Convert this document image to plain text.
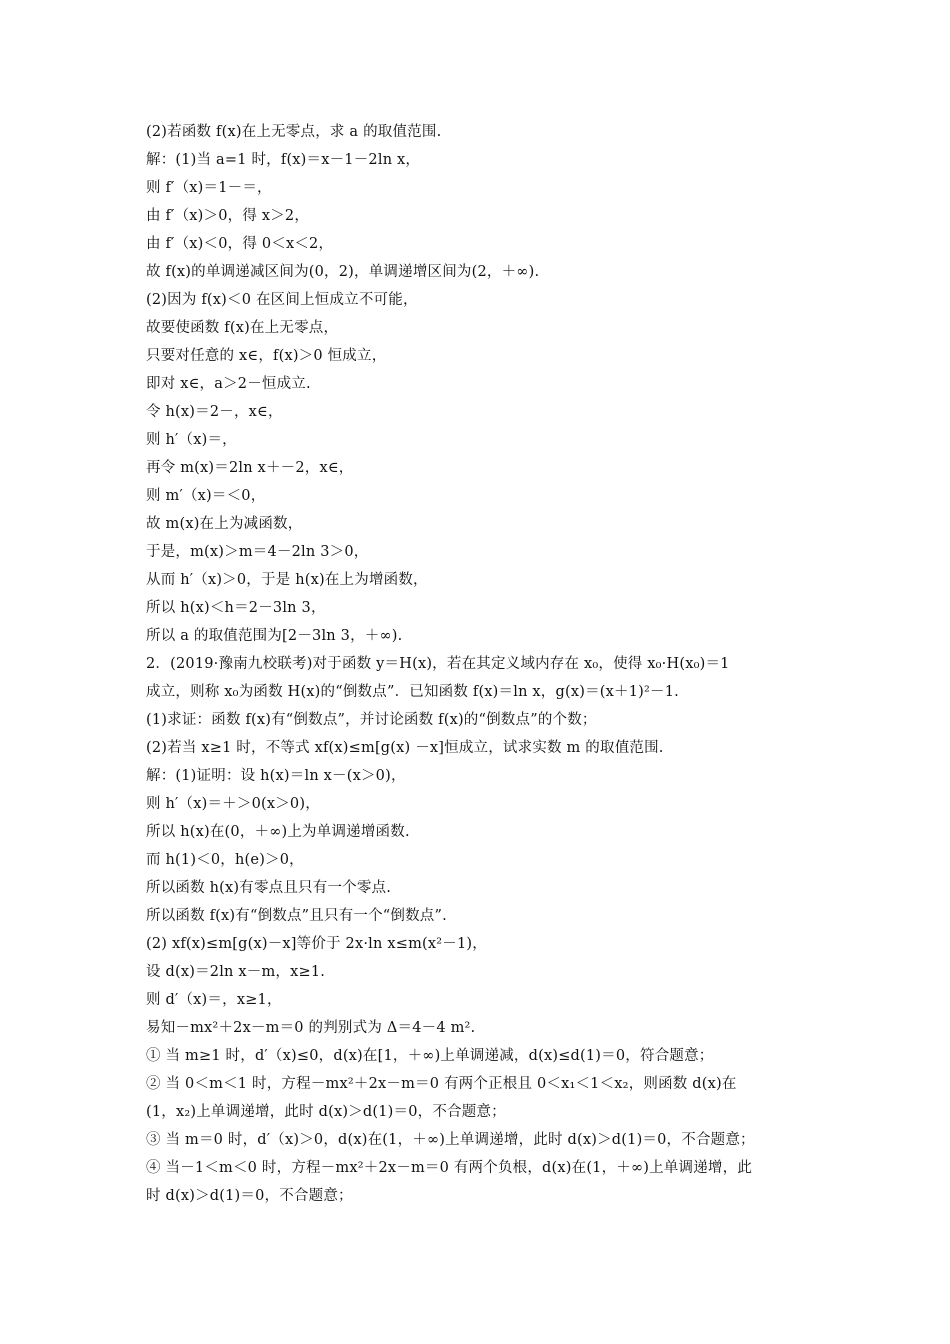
(2)若函数 f(x)在上无零点，求 a 的取值范围.
解：(1)当 a=1 时，f(x)＝x－1－2ln x，
则 f′（x)＝1－＝，
由 f′（x)＞0，得 x＞2，
由 f′（x)＜0，得 0＜x＜2，
故 f(x)的单调递减区间为(0，2)，单调递增区间为(2，＋∞).
(2)因为 f(x)＜0 在区间上恒成立不可能，
故要使函数 f(x)在上无零点，
只要对任意的 x∈，f(x)＞0 恒成立，
即对 x∈，a＞2－恒成立.
令 h(x)＝2－，x∈，
则 h′（x)＝，
再令 m(x)＝2ln x＋－2，x∈，
则 m′（x)＝＜0，
故 m(x)在上为减函数，
于是，m(x)＞m＝4－2ln 3＞0，
从而 h′（x)＞0，于是 h(x)在上为增函数，
所以 h(x)＜h＝2－3ln 3，
所以 a 的取值范围为[2－3ln 3，＋∞).
2．(2019·豫南九校联考)对于函数 y＝H(x)，若在其定义域内存在 x₀，使得 x₀·H(x₀)＝1
成立，则称 x₀为函数 H(x)的“倒数点”．已知函数 f(x)＝ln x，g(x)＝(x＋1)²－1.
(1)求证：函数 f(x)有“倒数点”，并讨论函数 f(x)的“倒数点”的个数；
(2)若当 x≥1 时，不等式 xf(x)≤m[g(x) －x]恒成立，试求实数 m 的取值范围.
解：(1)证明：设 h(x)＝ln x－(x＞0)，
则 h′（x)＝＋＞0(x＞0)，
所以 h(x)在(0，＋∞)上为单调递增函数.
而 h(1)＜0，h(e)＞0，
所以函数 h(x)有零点且只有一个零点.
所以函数 f(x)有“倒数点”且只有一个“倒数点”.
(2) xf(x)≤m[g(x)－x]等价于 2x·ln x≤m(x²－1)，
设 d(x)＝2ln x－m，x≥1.
则 d′（x)＝，x≥1，
易知－mx²＋2x－m＝0 的判别式为 Δ＝4－4 m².
① 当 m≥1 时，d′（x)≤0，d(x)在[1，＋∞)上单调递减，d(x)≤d(1)＝0，符合题意；
② 当 0＜m＜1 时，方程－mx²＋2x－m＝0 有两个正根且 0＜x₁＜1＜x₂，则函数 d(x)在
(1，x₂)上单调递增，此时 d(x)＞d(1)＝0，不合题意；
③ 当 m＝0 时，d′（x)＞0，d(x)在(1，＋∞)上单调递增，此时 d(x)＞d(1)＝0，不合题意；
④ 当－1＜m＜0 时，方程－mx²＋2x－m＝0 有两个负根，d(x)在(1，＋∞)上单调递增，此
时 d(x)＞d(1)＝0，不合题意；
